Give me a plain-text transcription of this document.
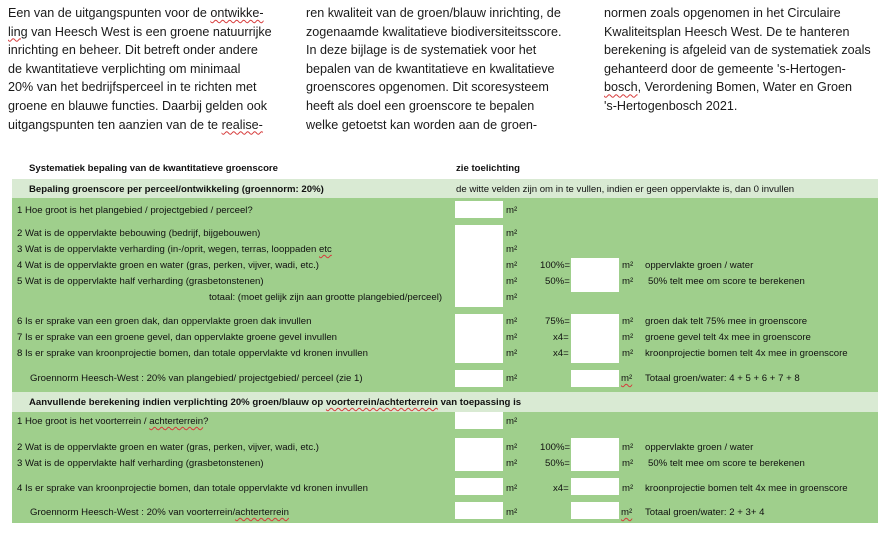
Een van de uitgangspunten voor de ontwikke-
ling van Heesch West is een groene natuurrijke
inrichting en beheer. Dit betreft onder andere
de kwantitatieve verplichting om minimaal
20% van het bedrijfsperceel in te richten met
groene en blauwe functies. Daarbij gelden ook
uitgangspunten ten aanzien van de te realise-
ren kwaliteit van de groen/blauw inrichting, de
zogenaamde kwalitatieve biodiversiteitsscore.
In deze bijlage is de systematiek voor het
bepalen van de kwantitatieve en kwalitatieve
groenscores opgenomen. Dit scoresysteem
heeft als doel een groenscore te bepalen
welke getoetst kan worden aan de groen-
normen zoals opgenomen in het Circulaire
Kwaliteitsplan Heesch West. De te hanteren
berekening is afgeleid van de systematiek zoals
gehanteerd door de gemeente 's-Hertogen-
bosch, Verordening Bomen, Water en Groen
's-Hertogenbosch 2021.
Systematiek bepaling van de kwantitatieve groenscore	zie toelichting
Bepaling groenscore per perceel/ontwikkeling (groennorm: 20%)	de witte velden zijn om in te vullen, indien er geen oppervlakte is, dan 0 invullen
1 Hoe groot is het plangebied / projectgebied / perceel?
2 Wat is de oppervlakte bebouwing (bedrijf, bijgebouwen)
3 Wat is de oppervlakte verharding (in-/oprit, wegen, terras, looppaden etc
4 Wat is de oppervlakte groen en water (gras, perken, vijver, wadi, etc.)
5 Wat is de oppervlakte half verharding (grasbetonstenen)
totaal: (moet gelijk zijn aan grootte plangebied/perceel)
6 Is er sprake van een groen dak, dan oppervlakte groen dak invullen
7 Is er sprake van een groene gevel, dan oppervlakte groene gevel invullen
8 Is er sprake van kroonprojectie bomen, dan totale oppervlakte vd kronen invullen
Groennorm Heesch-West : 20% van plangebied/ projectgebied/ perceel (zie 1)
m²
m²
m²
m²
m²
m²
m²
m²
m²
m²
100%=
50%=
75%=
x4=
x4=
m²
m²
m²
m²
m²
m²
oppervlakte groen / water
50% telt mee om score te berekenen
groen dak telt 75% mee in groenscore
groene gevel telt 4x mee in groenscore
kroonprojectie bomen telt 4x mee in groenscore
Totaal groen/water: 4 + 5 + 6 + 7 + 8
Aanvullende berekening indien verplichting 20% groen/blauw op voorterrein/achterterrein van toepassing is
1 Hoe groot is het voorterrein / achterterrein?
2 Wat is de oppervlakte groen en water (gras, perken, vijver, wadi, etc.)
3 Wat is de oppervlakte half verharding (grasbetonstenen)
4 Is er sprake van kroonprojectie bomen, dan totale oppervlakte vd kronen invullen
Groennorm Heesch-West : 20% van voorterrein/achterterrein
m²
m²
m²
m²
m²
100%=
50%=
x4=
m²
m²
m²
m²
oppervlakte groen / water
50% telt mee om score te berekenen
kroonprojectie bomen telt 4x mee in groenscore
Totaal groen/water: 2 + 3+ 4
